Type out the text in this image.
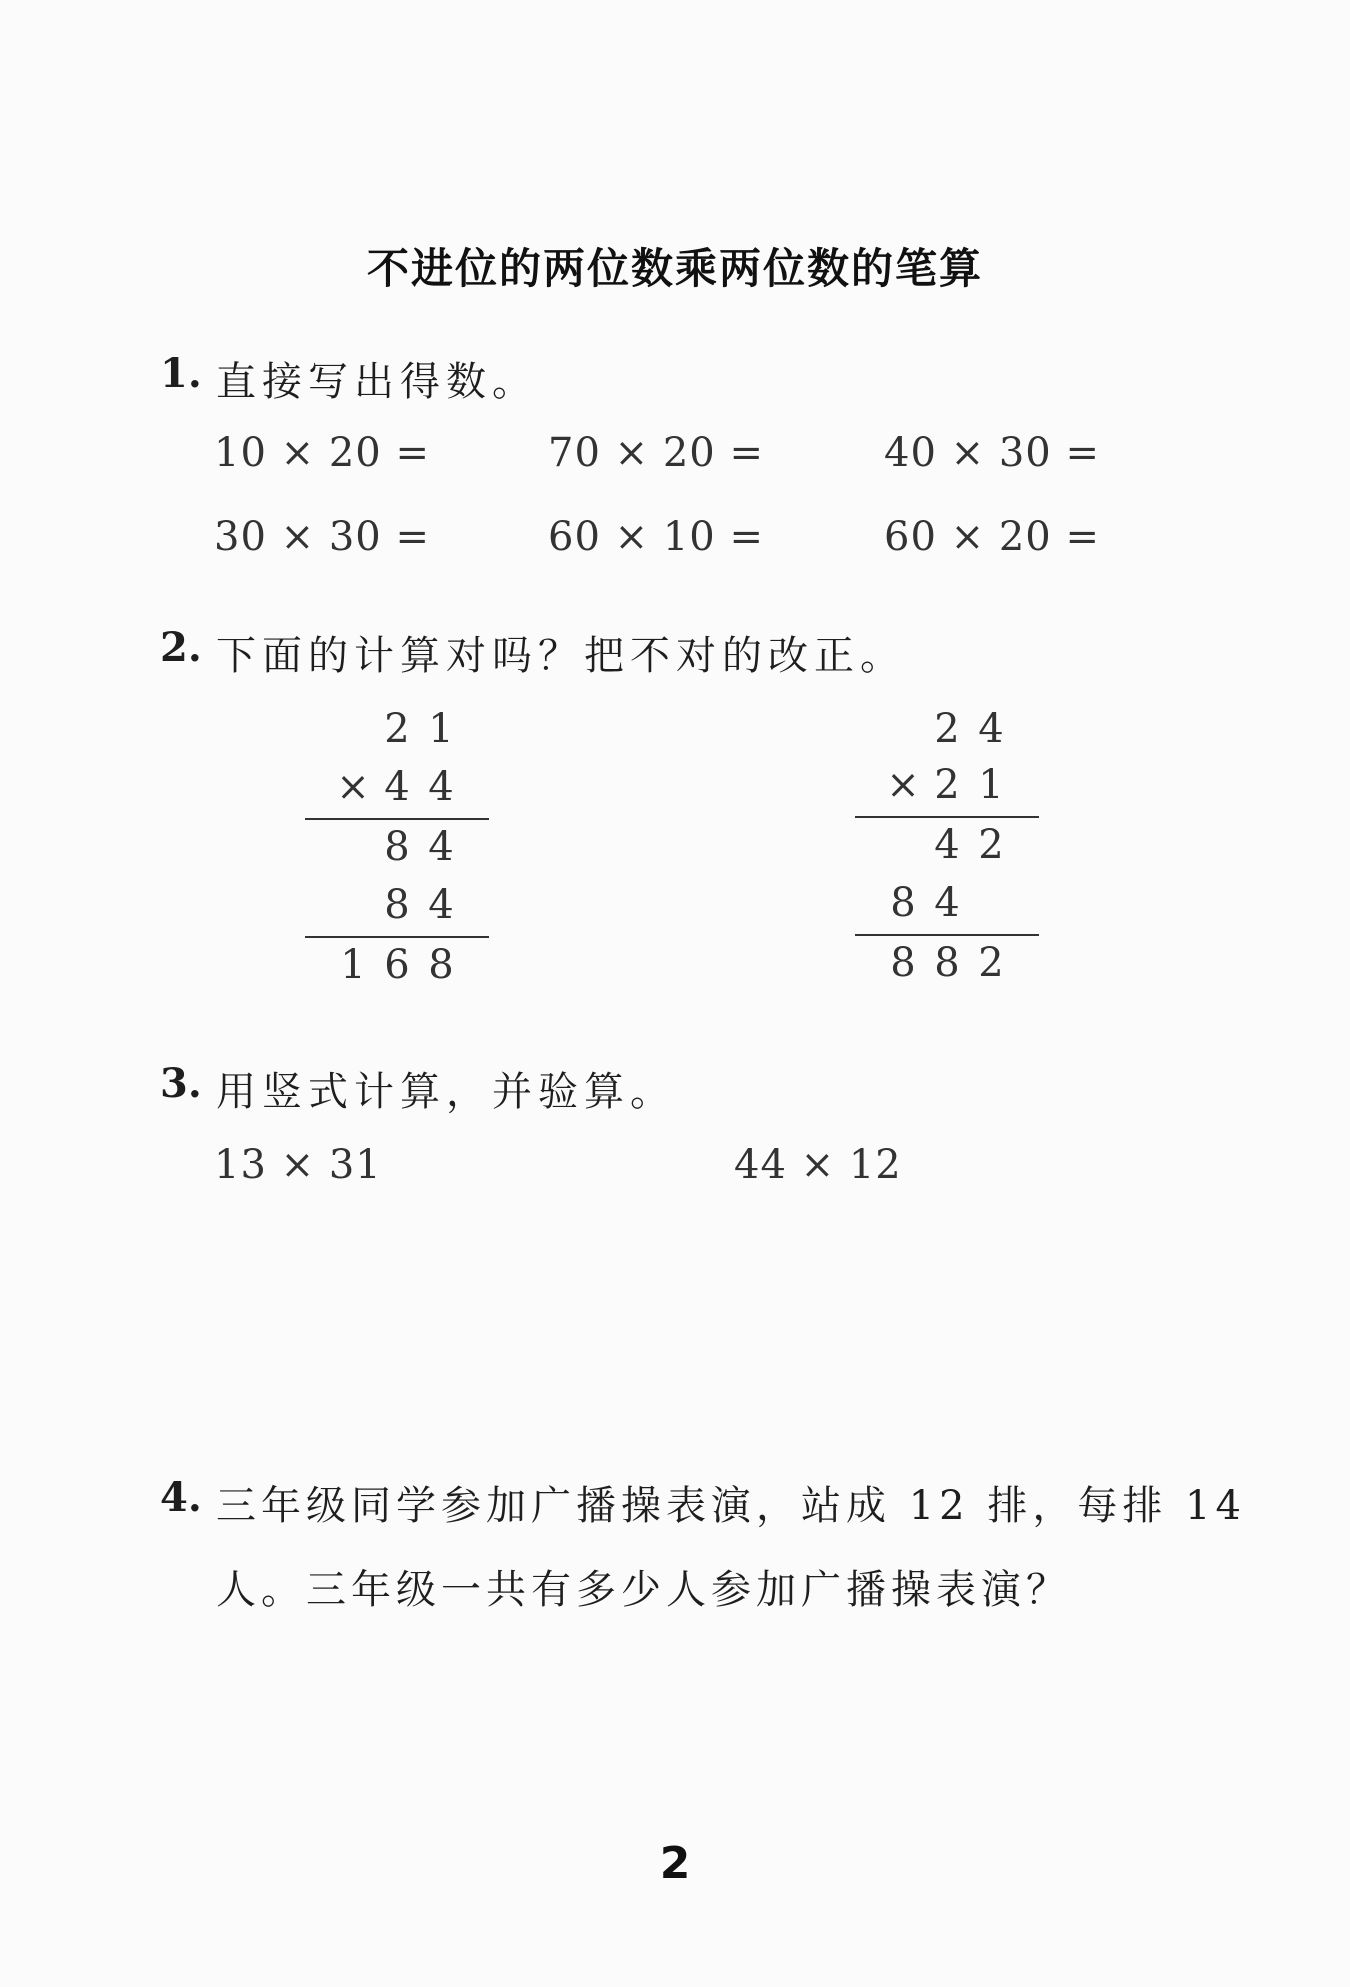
不进位的两位数乘两位数的笔算
1. 直接写出得数。
10 × 20 =	70 × 20 =	40 × 30 =
30 × 30 =	60 × 10 =	60 × 20 =
2. 下面的计算对吗？把不对的改正。
2 1
× 4 4
8 4
8 4
1 6 8
2 4
× 2 1
4 2
8 4
8 8 2
3. 用竖式计算，并验算。
13 × 31	44 × 12
4. 三年级同学参加广播操表演，站成 12 排，每排 14
人。三年级一共有多少人参加广播操表演？
2
